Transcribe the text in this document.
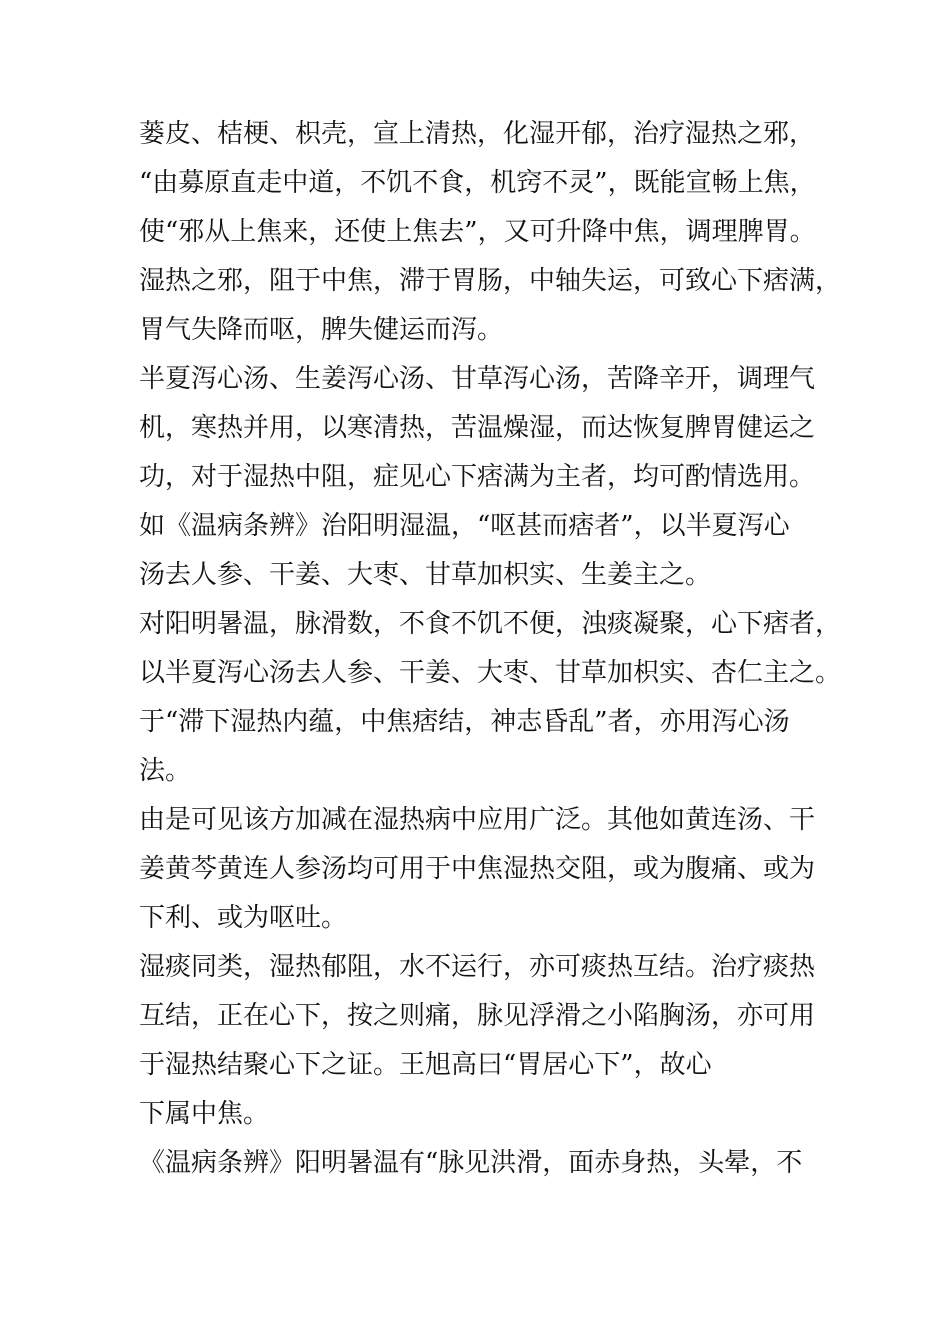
蒌皮、桔梗、枳壳，宣上清热，化湿开郁，治疗湿热之邪，
“由募原直走中道，不饥不食，机窍不灵”，既能宣畅上焦，
使“邪从上焦来，还使上焦去”，又可升降中焦，调理脾胃。
湿热之邪，阻于中焦，滞于胃肠，中轴失运，可致心下痞满，
胃气失降而呕，脾失健运而泻。
半夏泻心汤、生姜泻心汤、甘草泻心汤，苦降辛开，调理气
机，寒热并用，以寒清热，苦温燥湿，而达恢复脾胃健运之
功，对于湿热中阻，症见心下痞满为主者，均可酌情选用。
如《温病条辨》治阳明湿温，“呕甚而痞者”，以半夏泻心
汤去人参、干姜、大枣、甘草加枳实、生姜主之。
对阳明暑温，脉滑数，不食不饥不便，浊痰凝聚，心下痞者，
以半夏泻心汤去人参、干姜、大枣、甘草加枳实、杏仁主之。
于“滞下湿热内蕴，中焦痞结，神志昏乱”者，亦用泻心汤
法。
由是可见该方加减在湿热病中应用广泛。其他如黄连汤、干
姜黄芩黄连人参汤均可用于中焦湿热交阻，或为腹痛、或为
下利、或为呕吐。
湿痰同类，湿热郁阻，水不运行，亦可痰热互结。治疗痰热
互结，正在心下，按之则痛，脉见浮滑之小陷胸汤，亦可用
于湿热结聚心下之证。王旭高曰“胃居心下”，故心
下属中焦。
《温病条辨》阳明暑温有“脉见洪滑，面赤身热，头晕，不
